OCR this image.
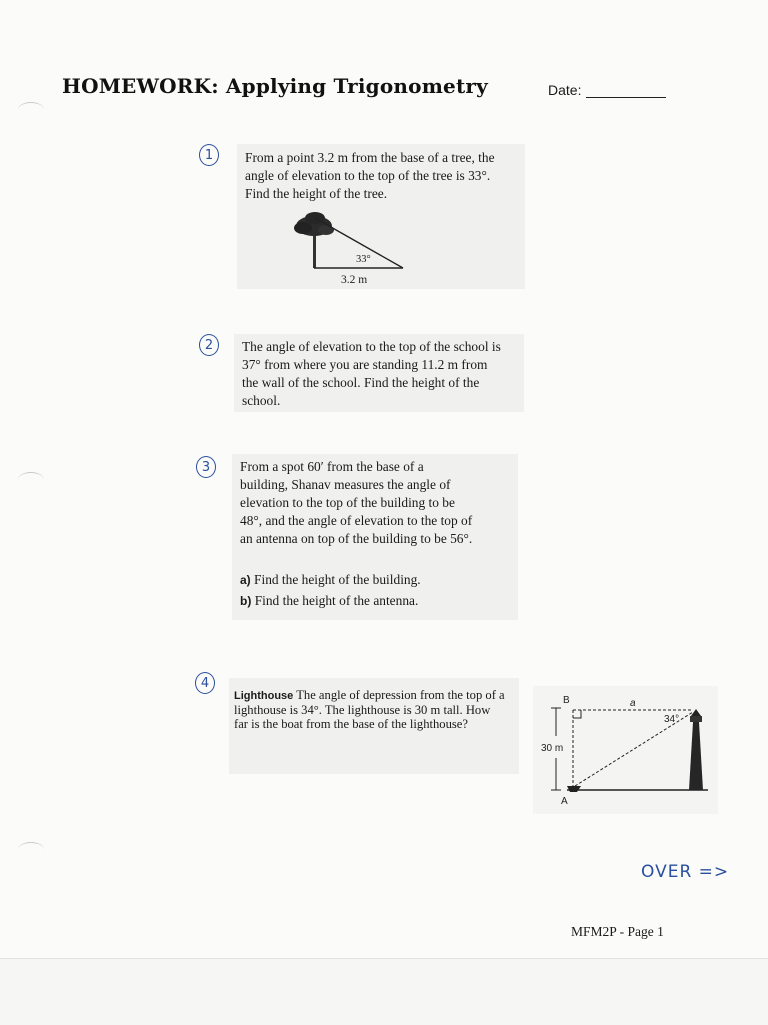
HOMEWORK: Applying Trigonometry	Date:
1 From a point 3.2 m from the base of a tree, the angle of elevation to the top of the tree is 33°. Find the height of the tree.
33°
3.2 m
2 The angle of elevation to the top of the school is 37° from where you are standing 11.2 m from the wall of the school. Find the height of the school.
3 From a spot 60′ from the base of a building, Shanav measures the angle of elevation to the top of the building to be 48°, and the angle of elevation to the top of an antenna on top of the building to be 56°.
a) Find the height of the building.
b) Find the height of the antenna.
4
Lighthouse The angle of depression from the top of a lighthouse is 34°. The lighthouse is 30 m tall. How far is the boat from the base of the lighthouse?
B	a
30 m
34°
A
OVER =>
MFM2P - Page 1
